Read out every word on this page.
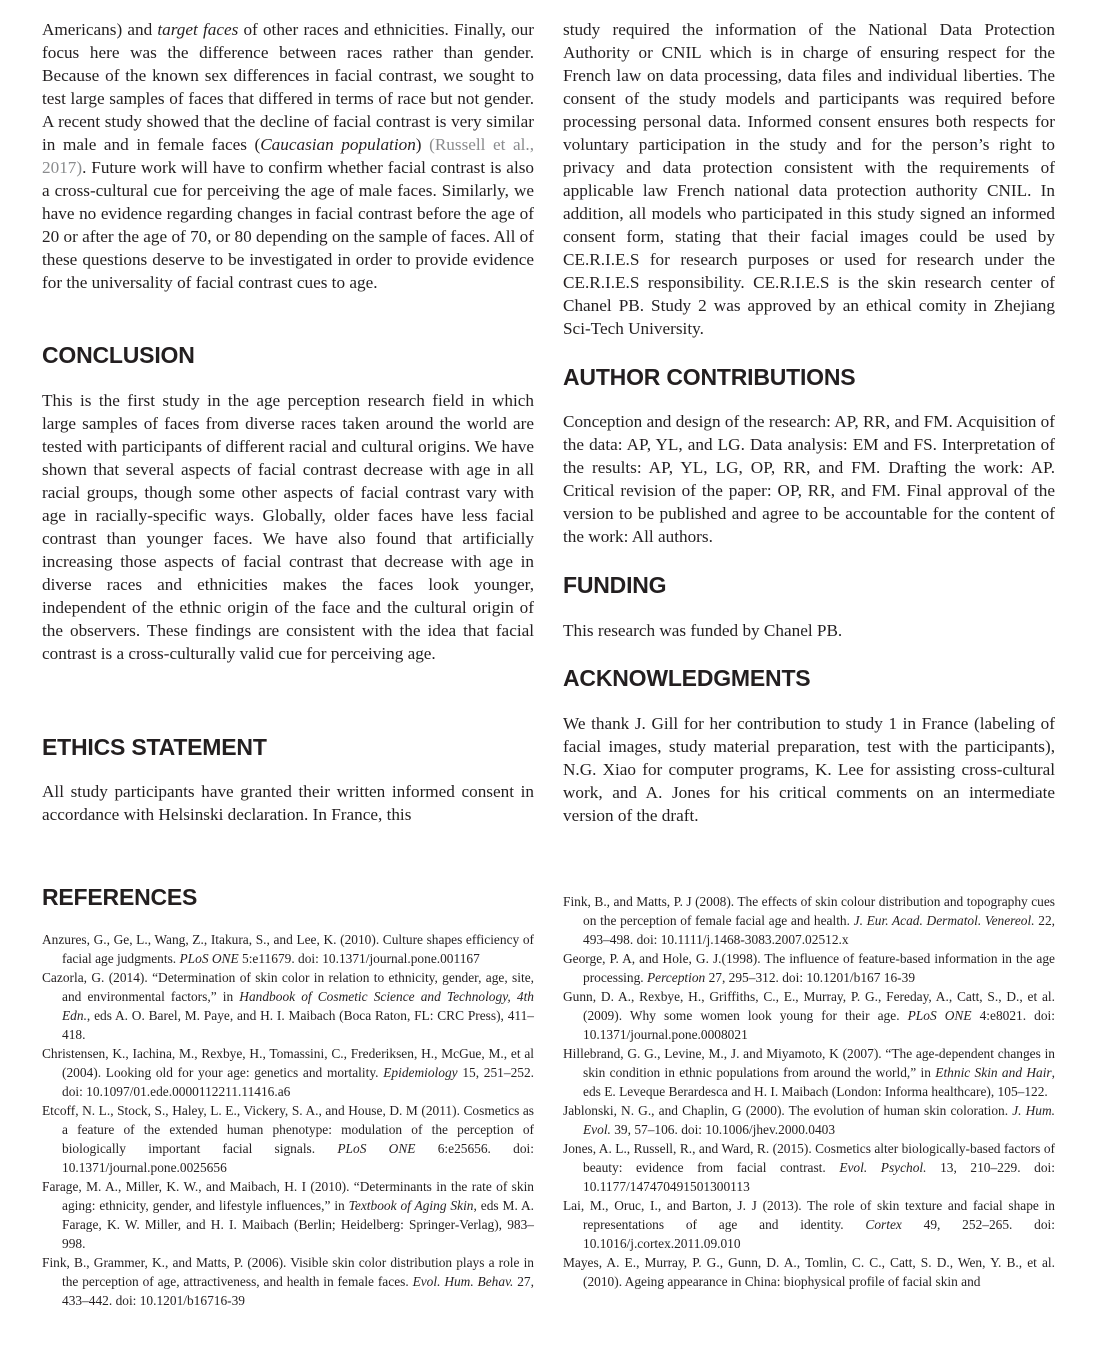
Americans) and target faces of other races and ethnicities. Finally, our focus here was the difference between races rather than gender. Because of the known sex differences in facial contrast, we sought to test large samples of faces that differed in terms of race but not gender. A recent study showed that the decline of facial contrast is very similar in male and in female faces (Caucasian population) (Russell et al., 2017). Future work will have to confirm whether facial contrast is also a cross-cultural cue for perceiving the age of male faces. Similarly, we have no evidence regarding changes in facial contrast before the age of 20 or after the age of 70, or 80 depending on the sample of faces. All of these questions deserve to be investigated in order to provide evidence for the universality of facial contrast cues to age.

CONCLUSION

This is the first study in the age perception research field in which large samples of faces from diverse races taken around the world are tested with participants of different racial and cultural origins. We have shown that several aspects of facial contrast decrease with age in all racial groups, though some other aspects of facial contrast vary with age in racially-specific ways. Globally, older faces have less facial contrast than younger faces. We have also found that artificially increasing those aspects of facial contrast that decrease with age in diverse races and ethnicities makes the faces look younger, independent of the ethnic origin of the face and the cultural origin of the observers. These findings are consistent with the idea that facial contrast is a cross-culturally valid cue for perceiving age.

ETHICS STATEMENT

All study participants have granted their written informed consent in accordance with Helsinski declaration. In France, this

study required the information of the National Data Protection Authority or CNIL which is in charge of ensuring respect for the French law on data processing, data files and individual liberties. The consent of the study models and participants was required before processing personal data. Informed consent ensures both respects for voluntary participation in the study and for the person’s right to privacy and data protection consistent with the requirements of applicable law French national data protection authority CNIL. In addition, all models who participated in this study signed an informed consent form, stating that their facial images could be used by CE.R.I.E.S for research purposes or used for research under the CE.R.I.E.S responsibility. CE.R.I.E.S is the skin research center of Chanel PB. Study 2 was approved by an ethical comity in Zhejiang Sci-Tech University.

AUTHOR CONTRIBUTIONS

Conception and design of the research: AP, RR, and FM. Acquisition of the data: AP, YL, and LG. Data analysis: EM and FS. Interpretation of the results: AP, YL, LG, OP, RR, and FM. Drafting the work: AP. Critical revision of the paper: OP, RR, and FM. Final approval of the version to be published and agree to be accountable for the content of the work: All authors.

FUNDING

This research was funded by Chanel PB.

ACKNOWLEDGMENTS

We thank J. Gill for her contribution to study 1 in France (labeling of facial images, study material preparation, test with the participants), N.G. Xiao for computer programs, K. Lee for assisting cross-cultural work, and A. Jones for his critical comments on an intermediate version of the draft.

REFERENCES

Anzures, G., Ge, L., Wang, Z., Itakura, S., and Lee, K. (2010). Culture shapes efficiency of facial age judgments. PLoS ONE 5:e11679. doi: 10.1371/journal.pone.001167

Cazorla, G. (2014). “Determination of skin color in relation to ethnicity, gender, age, site, and environmental factors,” in Handbook of Cosmetic Science and Technology, 4th Edn., eds A. O. Barel, M. Paye, and H. I. Maibach (Boca Raton, FL: CRC Press), 411–418.

Christensen, K., Iachina, M., Rexbye, H., Tomassini, C., Frederiksen, H., McGue, M., et al (2004). Looking old for your age: genetics and mortality. Epidemiology 15, 251–252. doi: 10.1097/01.ede.0000112211.11416.a6

Etcoff, N. L., Stock, S., Haley, L. E., Vickery, S. A., and House, D. M (2011). Cosmetics as a feature of the extended human phenotype: modulation of the perception of biologically important facial signals. PLoS ONE 6:e25656. doi: 10.1371/journal.pone.0025656

Farage, M. A., Miller, K. W., and Maibach, H. I (2010). “Determinants in the rate of skin aging: ethnicity, gender, and lifestyle influences,” in Textbook of Aging Skin, eds M. A. Farage, K. W. Miller, and H. I. Maibach (Berlin; Heidelberg: Springer-Verlag), 983–998.

Fink, B., Grammer, K., and Matts, P. (2006). Visible skin color distribution plays a role in the perception of age, attractiveness, and health in female faces. Evol. Hum. Behav. 27, 433–442. doi: 10.1201/b16716-39

Fink, B., and Matts, P. J (2008). The effects of skin colour distribution and topography cues on the perception of female facial age and health. J. Eur. Acad. Dermatol. Venereol. 22, 493–498. doi: 10.1111/j.1468-3083.2007.02512.x

George, P. A, and Hole, G. J.(1998). The influence of feature-based information in the age processing. Perception 27, 295–312. doi: 10.1201/b167 16-39

Gunn, D. A., Rexbye, H., Griffiths, C., E., Murray, P. G., Fereday, A., Catt, S., D., et al. (2009). Why some women look young for their age. PLoS ONE 4:e8021. doi: 10.1371/journal.pone.0008021

Hillebrand, G. G., Levine, M., J. and Miyamoto, K (2007). “The age-dependent changes in skin condition in ethnic populations from around the world,” in Ethnic Skin and Hair, eds E. Leveque Berardesca and H. I. Maibach (London: Informa healthcare), 105–122.

Jablonski, N. G., and Chaplin, G (2000). The evolution of human skin coloration. J. Hum. Evol. 39, 57–106. doi: 10.1006/jhev.2000.0403

Jones, A. L., Russell, R., and Ward, R. (2015). Cosmetics alter biologically-based factors of beauty: evidence from facial contrast. Evol. Psychol. 13, 210–229. doi: 10.1177/147470491501300113

Lai, M., Oruc, I., and Barton, J. J (2013). The role of skin texture and facial shape in representations of age and identity. Cortex 49, 252–265. doi: 10.1016/j.cortex.2011.09.010

Mayes, A. E., Murray, P. G., Gunn, D. A., Tomlin, C. C., Catt, S. D., Wen, Y. B., et al. (2010). Ageing appearance in China: biophysical profile of facial skin and
